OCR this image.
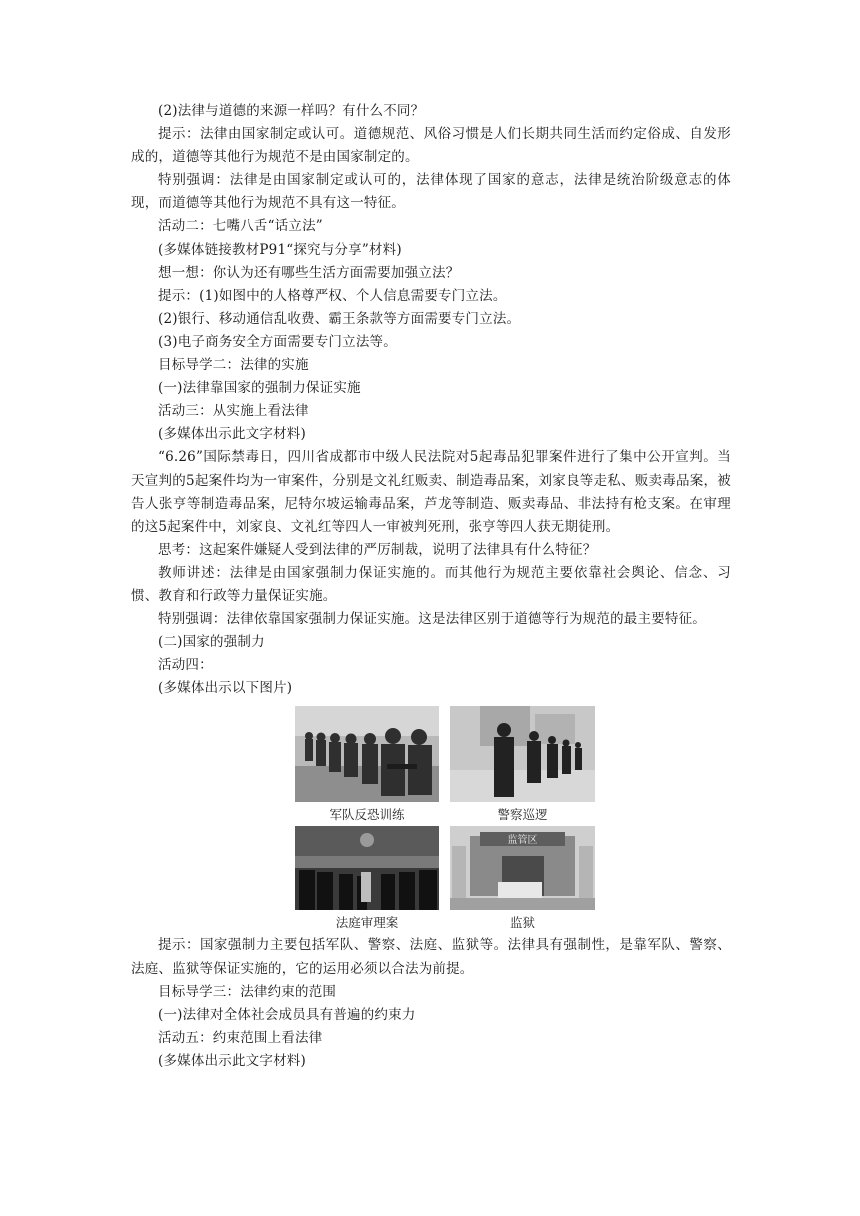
(2)法律与道德的来源一样吗？有什么不同？

提示：法律由国家制定或认可。道德规范、风俗习惯是人们长期共同生活而约定俗成、自发形成的，道德等其他行为规范不是由国家制定的。

特别强调：法律是由国家制定或认可的，法律体现了国家的意志，法律是统治阶级意志的体现，而道德等其他行为规范不具有这一特征。

活动二：七嘴八舌“话立法”

(多媒体链接教材P91“探究与分享”材料)

想一想：你认为还有哪些生活方面需要加强立法？

提示：(1)如图中的人格尊严权、个人信息需要专门立法。

(2)银行、移动通信乱收费、霸王条款等方面需要专门立法。

(3)电子商务安全方面需要专门立法等。

目标导学二：法律的实施

(一)法律靠国家的强制力保证实施

活动三：从实施上看法律

(多媒体出示此文字材料)

“6.26”国际禁毒日，四川省成都市中级人民法院对5起毒品犯罪案件进行了集中公开宣判。当天宣判的5起案件均为一审案件，分别是文礼红贩卖、制造毒品案，刘家良等走私、贩卖毒品案，被告人张亨等制造毒品案，尼特尔坡运输毒品案，芦龙等制造、贩卖毒品、非法持有枪支案。在审理的这5起案件中，刘家良、文礼红等四人一审被判死刑，张亨等四人获无期徒刑。

思考：这起案件嫌疑人受到法律的严厉制裁，说明了法律具有什么特征？

教师讲述：法律是由国家强制力保证实施的。而其他行为规范主要依靠社会舆论、信念、习惯、教育和行政等力量保证实施。

特别强调：法律依靠国家强制力保证实施。这是法律区别于道德等行为规范的最主要特征。

(二)国家的强制力

活动四：

(多媒体出示以下图片)

军队反恐训练	警察巡逻
监管区
法庭审理案	监狱

提示：国家强制力主要包括军队、警察、法庭、监狱等。法律具有强制性，是靠军队、警察、法庭、监狱等保证实施的，它的运用必须以合法为前提。

目标导学三：法律约束的范围

(一)法律对全体社会成员具有普遍的约束力

活动五：约束范围上看法律

(多媒体出示此文字材料)
